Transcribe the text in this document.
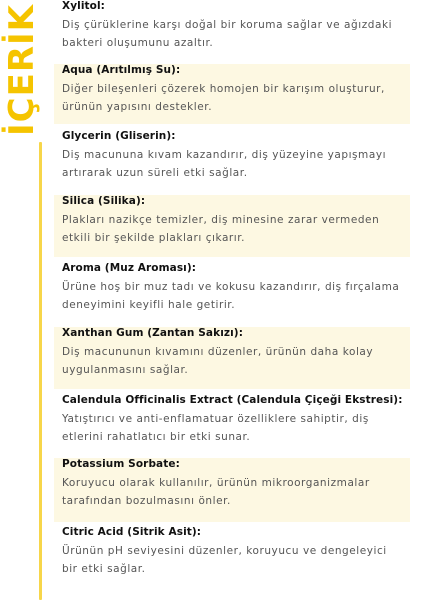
İÇERİK Xylitol:
Diş çürüklerine karşı doğal bir koruma sağlar ve ağızdaki bakteri oluşumunu azaltır.
Aqua (Arıtılmış Su):
Diğer bileşenleri çözerek homojen bir karışım oluşturur, ürünün yapısını destekler.
Glycerin (Gliserin):
Diş macununa kıvam kazandırır, diş yüzeyine yapışmayı artırarak uzun süreli etki sağlar.
Silica (Silika):
Plakları nazikçe temizler, diş minesine zarar vermeden etkili bir şekilde plakları çıkarır.
Aroma (Muz Aroması):
Ürüne hoş bir muz tadı ve kokusu kazandırır, diş fırçalama deneyimini keyifli hale getirir.
Xanthan Gum (Zantan Sakızı):
Diş macununun kıvamını düzenler, ürünün daha kolay uygulanmasını sağlar.
Calendula Officinalis Extract (Calendula Çiçeği Ekstresi):
Yatıştırıcı ve anti-enflamatuar özelliklere sahiptir, diş etlerini rahatlatıcı bir etki sunar.
Potassium Sorbate:
Koruyucu olarak kullanılır, ürünün mikroorganizmalar tarafından bozulmasını önler.
Citric Acid (Sitrik Asit):
Ürünün pH seviyesini düzenler, koruyucu ve dengeleyici bir etki sağlar.
